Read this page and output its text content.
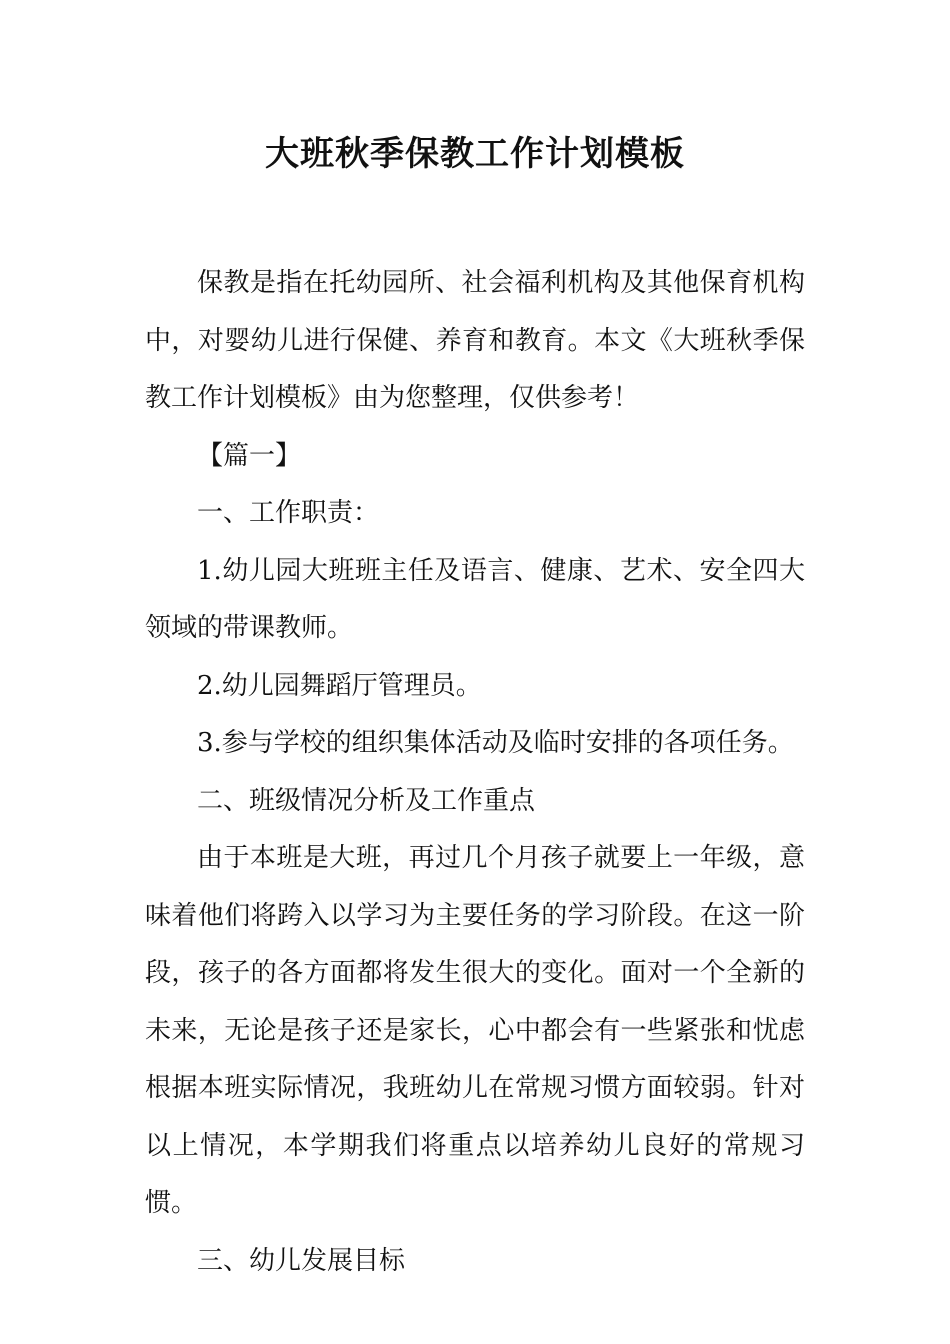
大班秋季保教工作计划模板

保教是指在托幼园所、社会福利机构及其他保育机构中，对婴幼儿进行保健、养育和教育。本文《大班秋季保教工作计划模板》由为您整理，仅供参考！

【篇一】

一、工作职责：

1.幼儿园大班班主任及语言、健康、艺术、安全四大领域的带课教师。

2.幼儿园舞蹈厅管理员。

3.参与学校的组织集体活动及临时安排的各项任务。

二、班级情况分析及工作重点

由于本班是大班，再过几个月孩子就要上一年级，意味着他们将跨入以学习为主要任务的学习阶段。在这一阶段，孩子的各方面都将发生很大的变化。面对一个全新的未来，无论是孩子还是家长，心中都会有一些紧张和忧虑根据本班实际情况，我班幼儿在常规习惯方面较弱。针对以上情况，本学期我们将重点以培养幼儿良好的常规习惯。

三、幼儿发展目标
